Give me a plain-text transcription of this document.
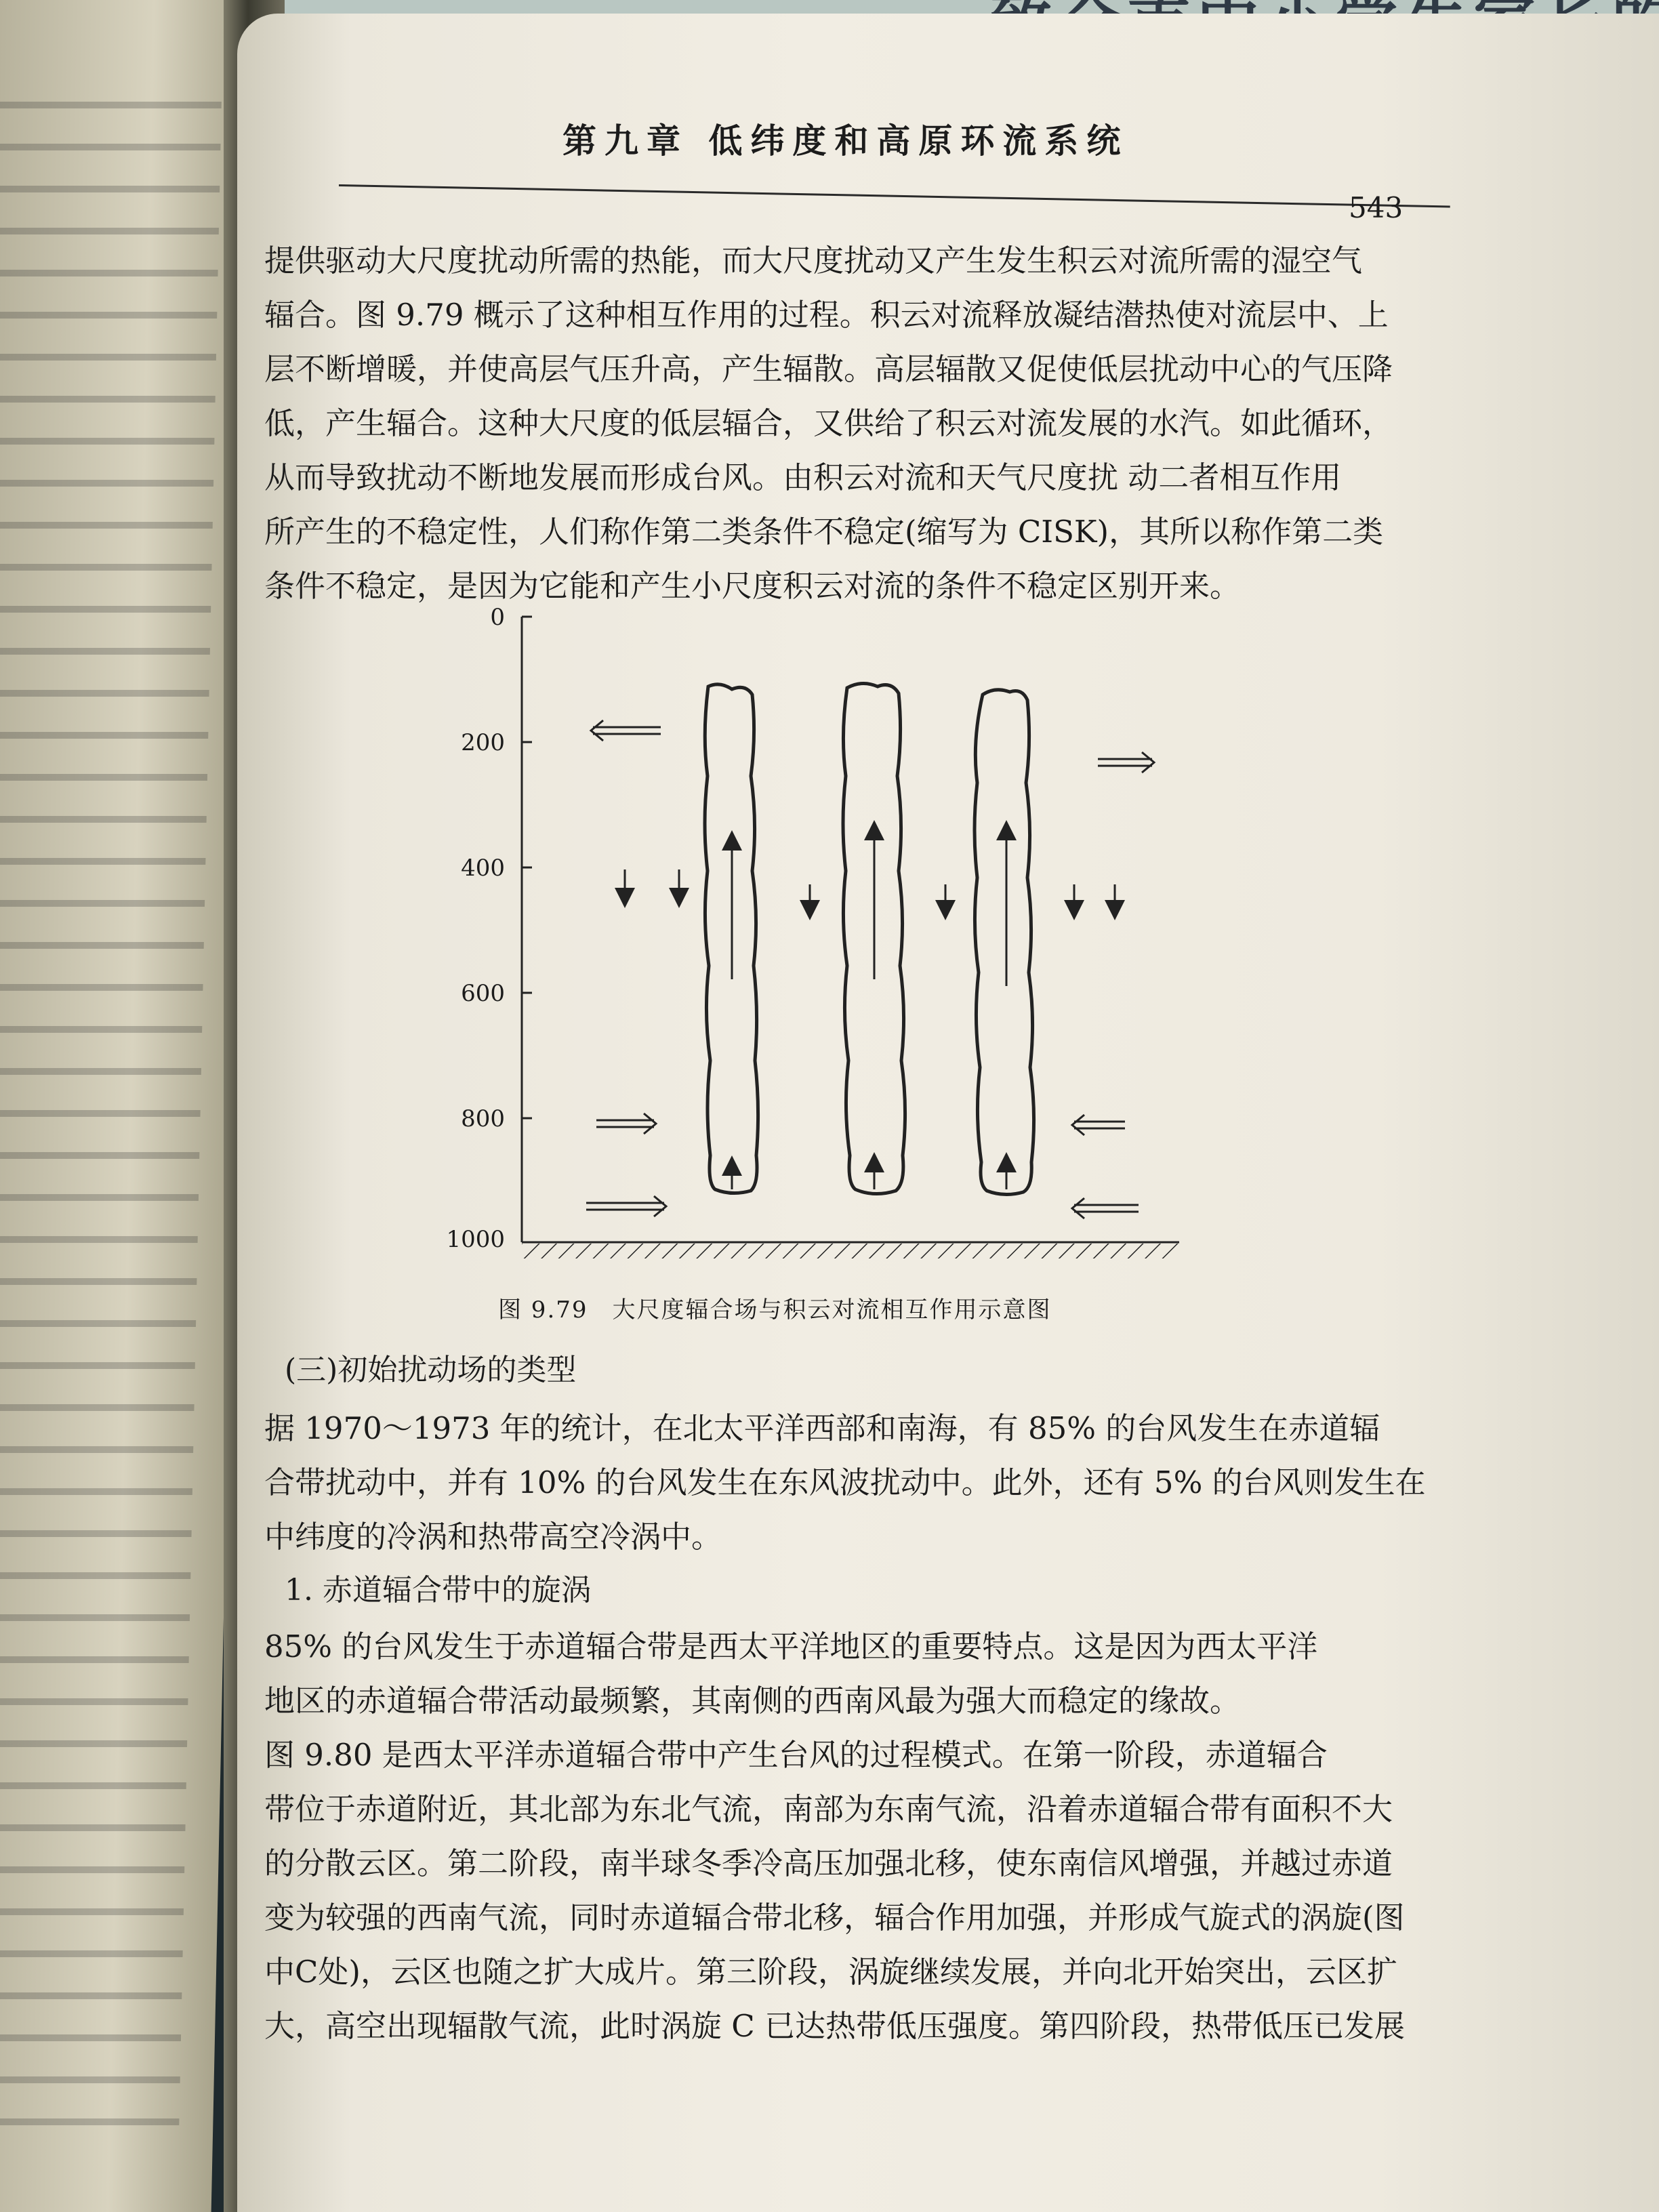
第九章 低纬度和高原环流系统
543

提供驱动大尺度扰动所需的热能，而大尺度扰动又产生发生积云对流所需的湿空气

辐合。图 9.79 概示了这种相互作用的过程。积云对流释放凝结潜热使对流层中、上

层不断增暖，并使高层气压升高，产生辐散。高层辐散又促使低层扰动中心的气压降

低，产生辐合。这种大尺度的低层辐合，又供给了积云对流发展的水汽。如此循环，

从而导致扰动不断地发展而形成台风。由积云对流和天气尺度扰 动二者相互作用

所产生的不稳定性，人们称作第二类条件不稳定(缩写为 CISK)，其所以称作第二类

条件不稳定，是因为它能和产生小尺度积云对流的条件不稳定区别开来。

0
200
400
600
800
1000
图 9.79　大尺度辐合场与积云对流相互作用示意图
(三)初始扰动场的类型

据 1970～1973 年的统计，在北太平洋西部和南海，有 85% 的台风发生在赤道辐

合带扰动中，并有 10% 的台风发生在东风波扰动中。此外，还有 5% 的台风则发生在

中纬度的冷涡和热带高空冷涡中。

1. 赤道辐合带中的旋涡

85% 的台风发生于赤道辐合带是西太平洋地区的重要特点。这是因为西太平洋

地区的赤道辐合带活动最频繁，其南侧的西南风最为强大而稳定的缘故。

图 9.80 是西太平洋赤道辐合带中产生台风的过程模式。在第一阶段，赤道辐合

带位于赤道附近，其北部为东北气流，南部为东南气流，沿着赤道辐合带有面积不大

的分散云区。第二阶段，南半球冬季冷高压加强北移，使东南信风增强，并越过赤道

变为较强的西南气流，同时赤道辐合带北移，辐合作用加强，并形成气旋式的涡旋(图

中C处)，云区也随之扩大成片。第三阶段，涡旋继续发展，并向北开始突出，云区扩

大，高空出现辐散气流，此时涡旋 C 已达热带低压强度。第四阶段，热带低压已发展
